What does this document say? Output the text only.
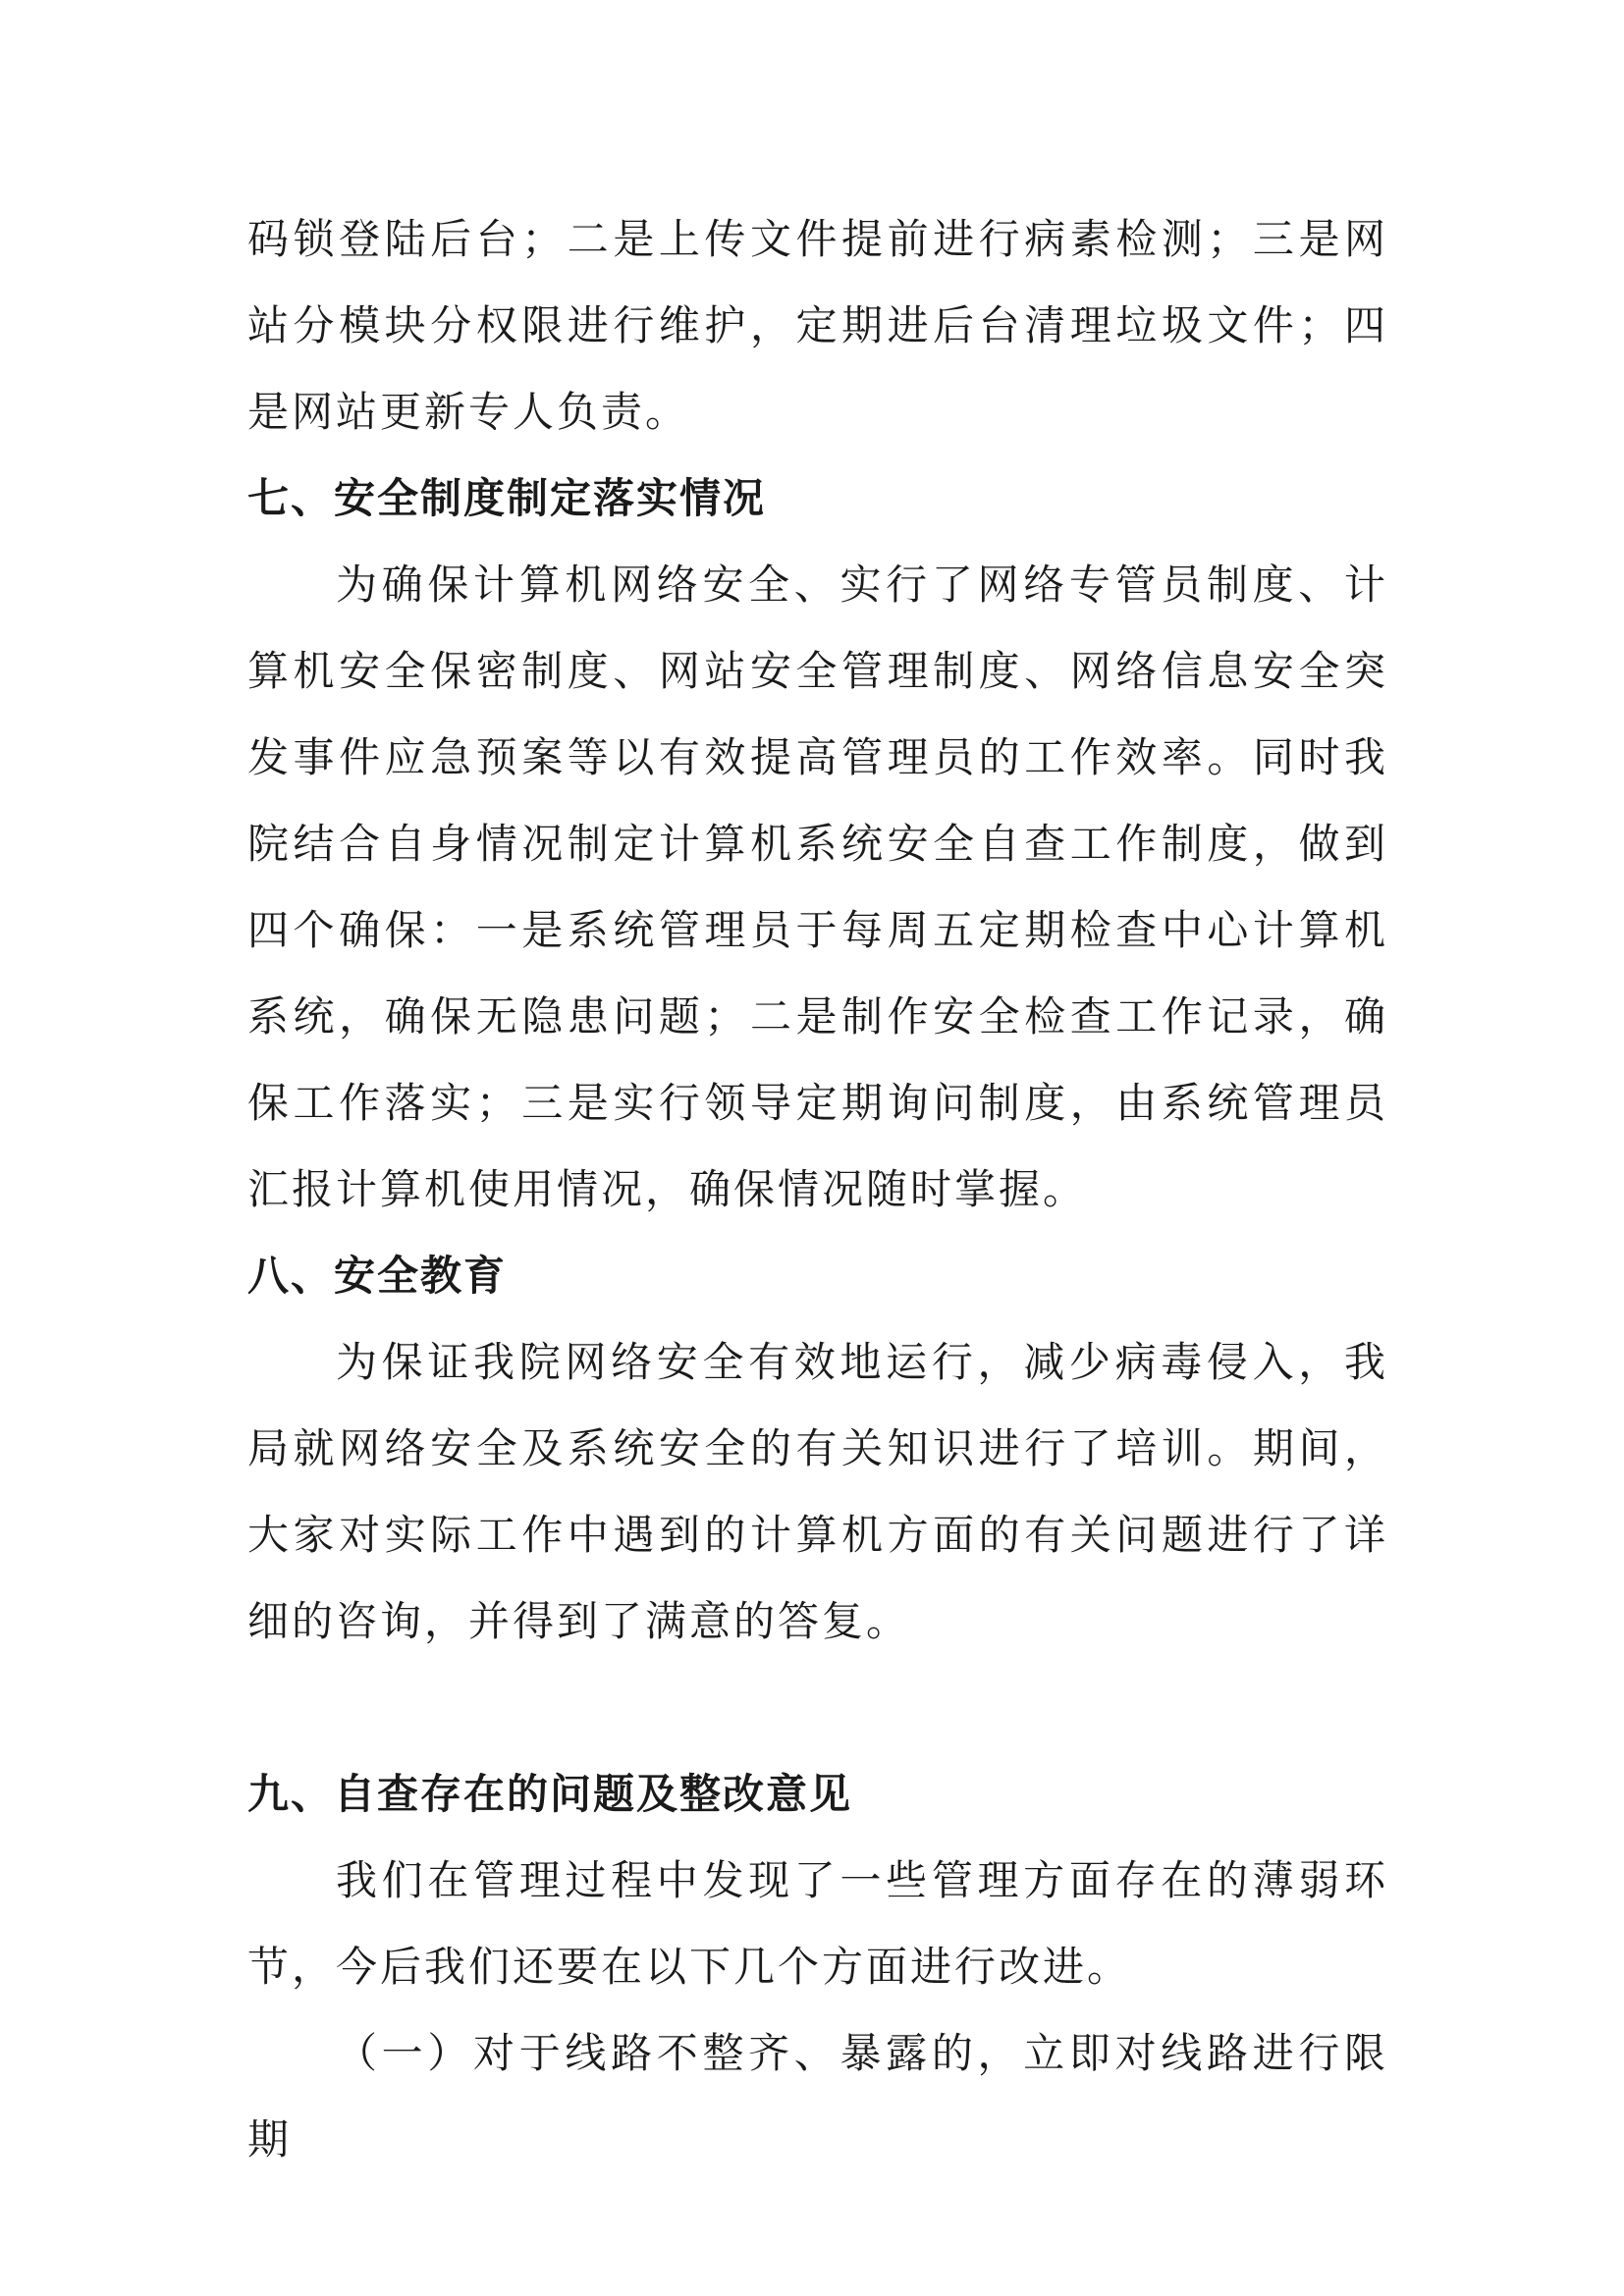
码锁登陆后台；二是上传文件提前进行病素检测；三是网站分模块分权限进行维护，定期进后台清理垃圾文件；四是网站更新专人负责。

七、安全制度制定落实情况

为确保计算机网络安全、实行了网络专管员制度、计算机安全保密制度、网站安全管理制度、网络信息安全突发事件应急预案等以有效提高管理员的工作效率。同时我院结合自身情况制定计算机系统安全自查工作制度，做到四个确保：一是系统管理员于每周五定期检查中心计算机系统，确保无隐患问题；二是制作安全检查工作记录，确保工作落实；三是实行领导定期询问制度，由系统管理员汇报计算机使用情况，确保情况随时掌握。

八、安全教育

为保证我院网络安全有效地运行，减少病毒侵入，我局就网络安全及系统安全的有关知识进行了培训。期间，大家对实际工作中遇到的计算机方面的有关问题进行了详细的咨询，并得到了满意的答复。

九、自查存在的问题及整改意见

我们在管理过程中发现了一些管理方面存在的薄弱环节，今后我们还要在以下几个方面进行改进。

（一）对于线路不整齐、暴露的，立即对线路进行限期
